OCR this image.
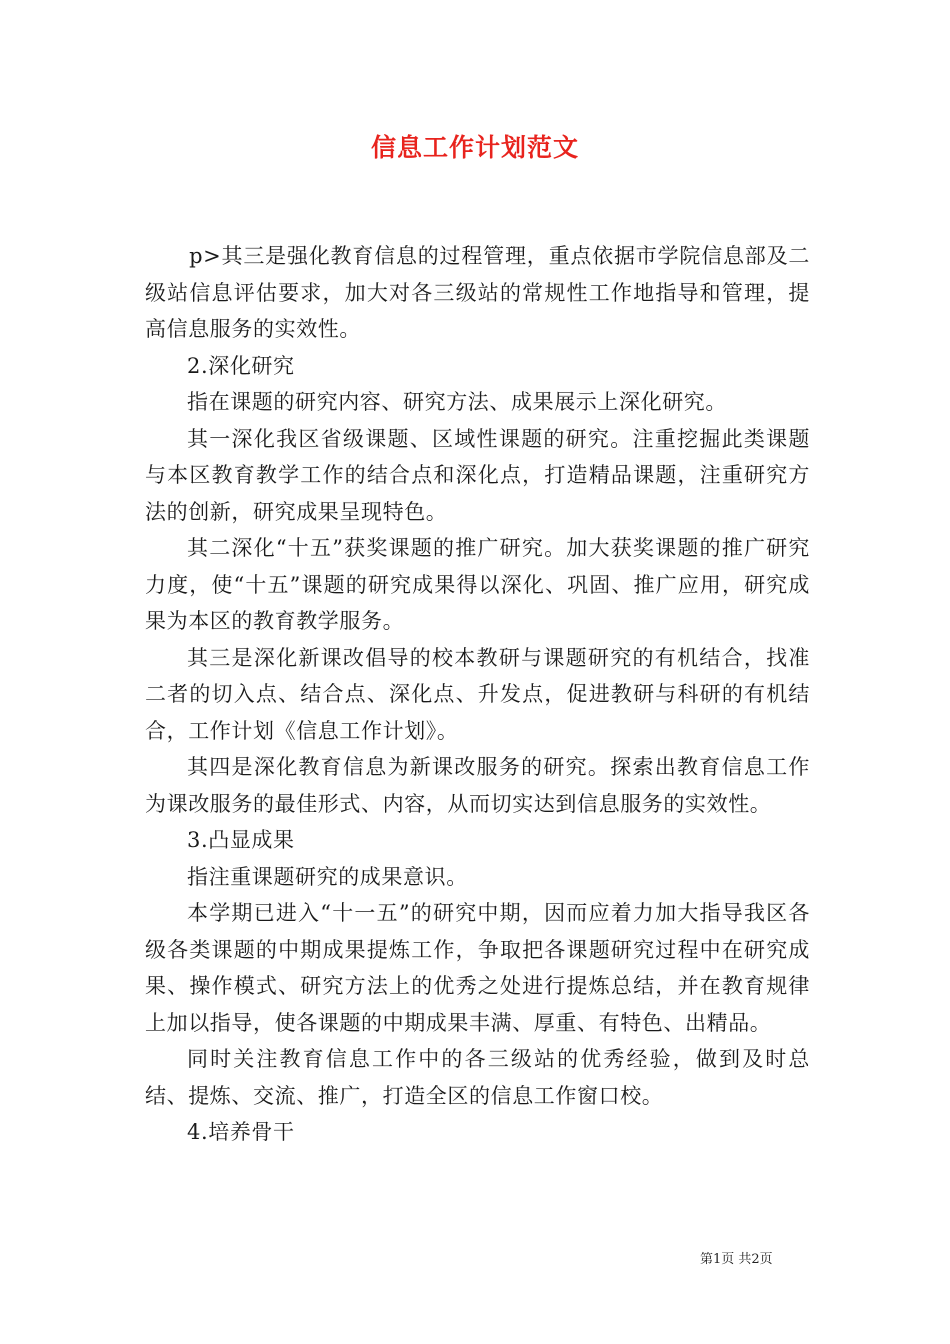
信息工作计划范文

p>其三是强化教育信息的过程管理，重点依据市学院信息部及二级站信息评估要求，加大对各三级站的常规性工作地指导和管理，提高信息服务的实效性。

2.深化研究

指在课题的研究内容、研究方法、成果展示上深化研究。

其一深化我区省级课题、区域性课题的研究。注重挖掘此类课题与本区教育教学工作的结合点和深化点，打造精品课题，注重研究方法的创新，研究成果呈现特色。

其二深化“十五”获奖课题的推广研究。加大获奖课题的推广研究力度，使“十五”课题的研究成果得以深化、巩固、推广应用，研究成果为本区的教育教学服务。

其三是深化新课改倡导的校本教研与课题研究的有机结合，找准二者的切入点、结合点、深化点、升发点，促进教研与科研的有机结合，工作计划《信息工作计划》。

其四是深化教育信息为新课改服务的研究。探索出教育信息工作为课改服务的最佳形式、内容，从而切实达到信息服务的实效性。

3.凸显成果

指注重课题研究的成果意识。

本学期已进入“十一五”的研究中期，因而应着力加大指导我区各级各类课题的中期成果提炼工作，争取把各课题研究过程中在研究成果、操作模式、研究方法上的优秀之处进行提炼总结，并在教育规律上加以指导，使各课题的中期成果丰满、厚重、有特色、出精品。

同时关注教育信息工作中的各三级站的优秀经验，做到及时总结、提炼、交流、推广，打造全区的信息工作窗口校。

4.培养骨干

第1页 共2页
